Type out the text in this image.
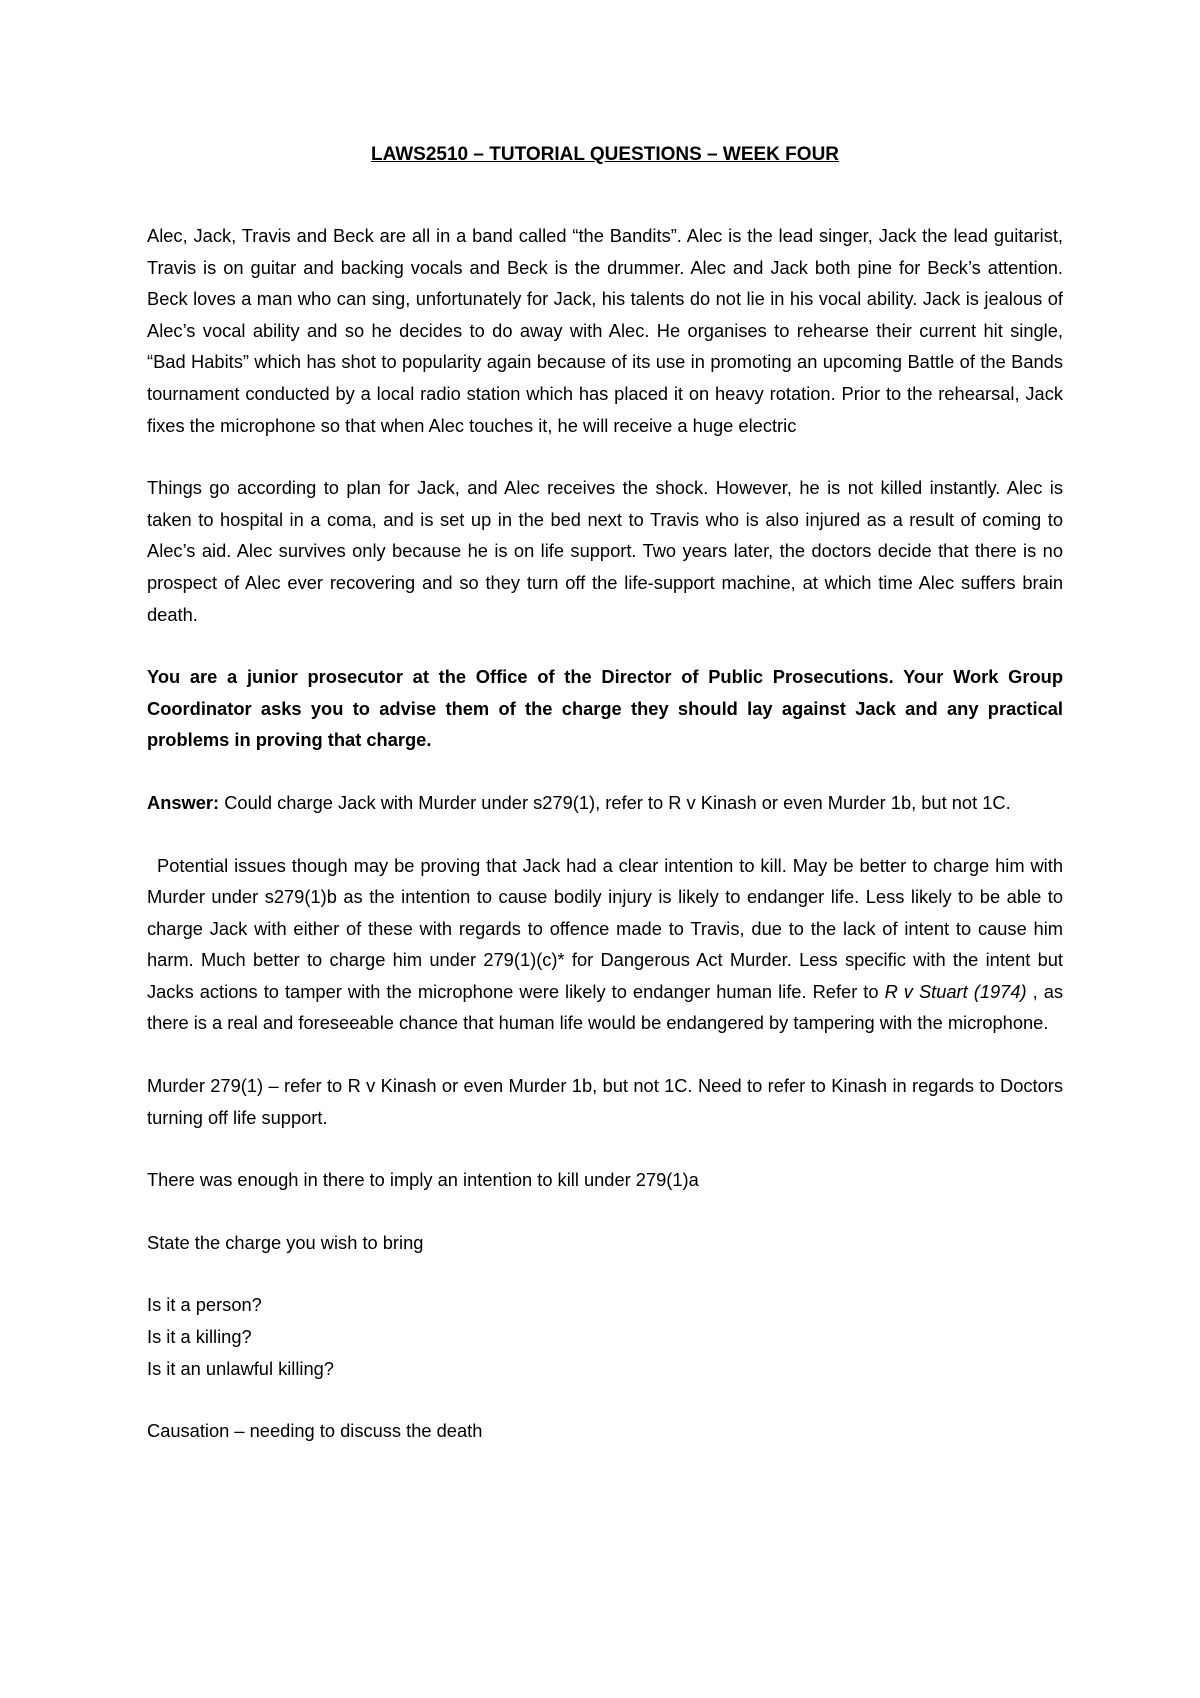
LAWS2510 – TUTORIAL QUESTIONS – WEEK FOUR

Alec, Jack, Travis and Beck are all in a band called “the Bandits”. Alec is the lead singer, Jack the lead guitarist, Travis is on guitar and backing vocals and Beck is the drummer. Alec and Jack both pine for Beck’s attention. Beck loves a man who can sing, unfortunately for Jack, his talents do not lie in his vocal ability. Jack is jealous of Alec’s vocal ability and so he decides to do away with Alec. He organises to rehearse their current hit single, “Bad Habits” which has shot to popularity again because of its use in promoting an upcoming Battle of the Bands tournament conducted by a local radio station which has placed it on heavy rotation. Prior to the rehearsal, Jack fixes the microphone so that when Alec touches it, he will receive a huge electric

Things go according to plan for Jack, and Alec receives the shock. However, he is not killed instantly. Alec is taken to hospital in a coma, and is set up in the bed next to Travis who is also injured as a result of coming to Alec’s aid. Alec survives only because he is on life support. Two years later, the doctors decide that there is no prospect of Alec ever recovering and so they turn off the life-support machine, at which time Alec suffers brain death.

You are a junior prosecutor at the Office of the Director of Public Prosecutions. Your Work Group Coordinator asks you to advise them of the charge they should lay against Jack and any practical problems in proving that charge.

Answer: Could charge Jack with Murder under s279(1), refer to R v Kinash or even Murder 1b, but not 1C.

Potential issues though may be proving that Jack had a clear intention to kill. May be better to charge him with Murder under s279(1)b as the intention to cause bodily injury is likely to endanger life. Less likely to be able to charge Jack with either of these with regards to offence made to Travis, due to the lack of intent to cause him harm. Much better to charge him under 279(1)(c)* for Dangerous Act Murder. Less specific with the intent but Jacks actions to tamper with the microphone were likely to endanger human life. Refer to R v Stuart (1974) , as there is a real and foreseeable chance that human life would be endangered by tampering with the microphone.

Murder 279(1) – refer to R v Kinash or even Murder 1b, but not 1C. Need to refer to Kinash in regards to Doctors turning off life support.

There was enough in there to imply an intention to kill under 279(1)a

State the charge you wish to bring

Is it a person?

Is it a killing?

Is it an unlawful killing?

Causation – needing to discuss the death
